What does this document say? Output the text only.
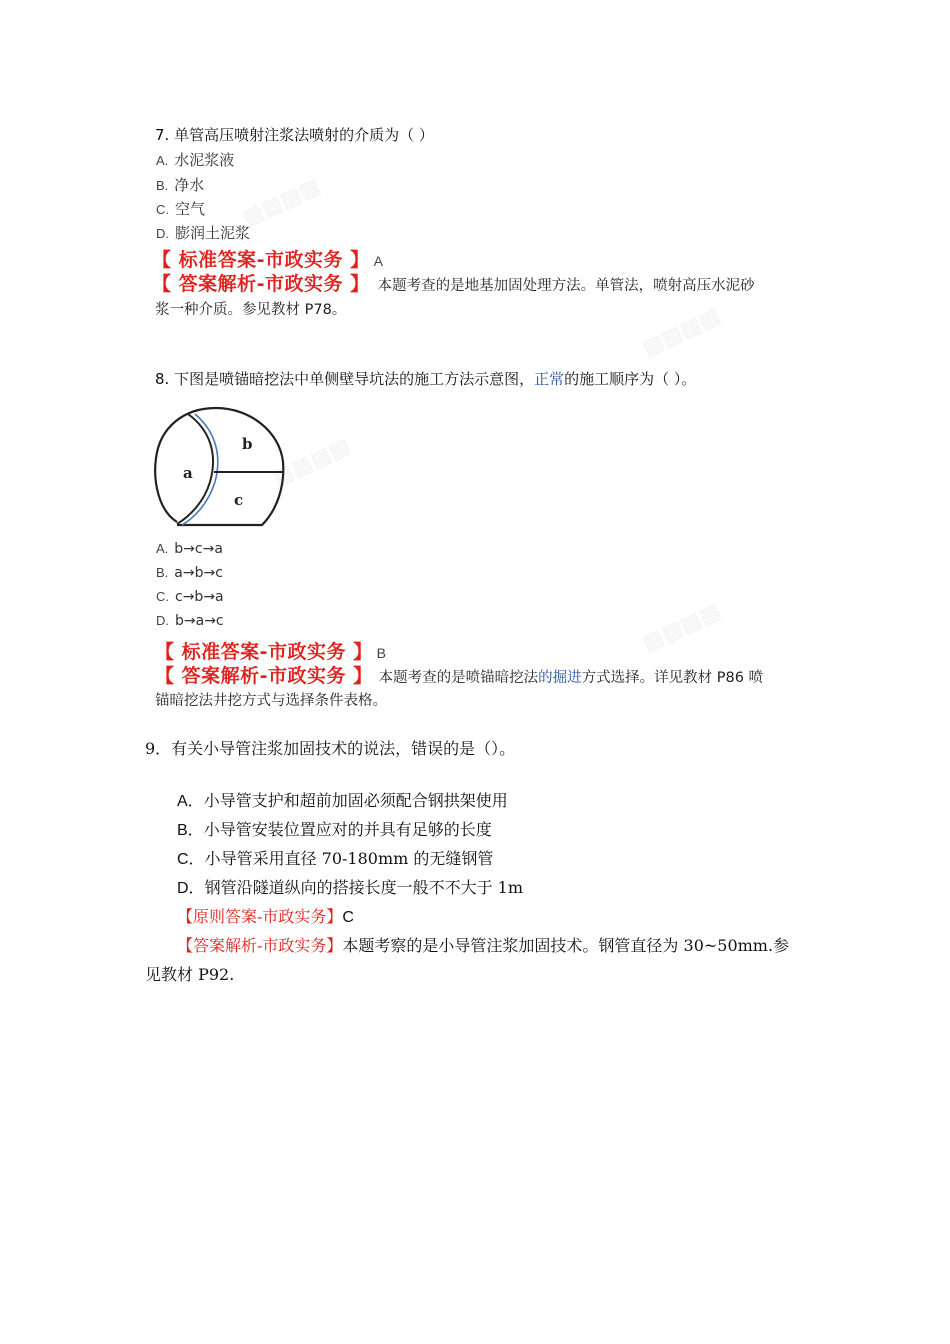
▩▩▩▩
▩▩▩▩
▩▩▩▩
▩▩▩▩
7. 单管高压喷射注浆法喷射的介质为（ ）
A. 水泥浆液
B. 净水
C. 空气
D. 膨润土泥浆
【 标准答案-市政实务 】 A
【 答案解析-市政实务 】 本题考查的是地基加固处理方法。单管法，喷射高压水泥砂
浆一种介质。参见教材 P78。
8. 下图是喷锚暗挖法中单侧壁导坑法的施工方法示意图，正常的施工顺序为（ ）。
b
a
c
A. b→c→a
B. a→b→c
C. c→b→a
D. b→a→c
【 标准答案-市政实务 】 B
【 答案解析-市政实务 】 本题考查的是喷锚暗挖法的掘进方式选择。详见教材 P86 喷
锚暗挖法井挖方式与选择条件表格。
9．有关小导管注浆加固技术的说法，错误的是（）。
A．小导管支护和超前加固必须配合钢拱架使用
B．小导管安装位置应对的并具有足够的长度
C．小导管采用直径 70-180mm 的无缝钢管
D．钢管沿隧道纵向的搭接长度一般不不大于 1m
【原则答案-市政实务】C
【答案解析-市政实务】本题考察的是小导管注浆加固技术。钢管直径为 30~50mm.参
见教材 P92.
